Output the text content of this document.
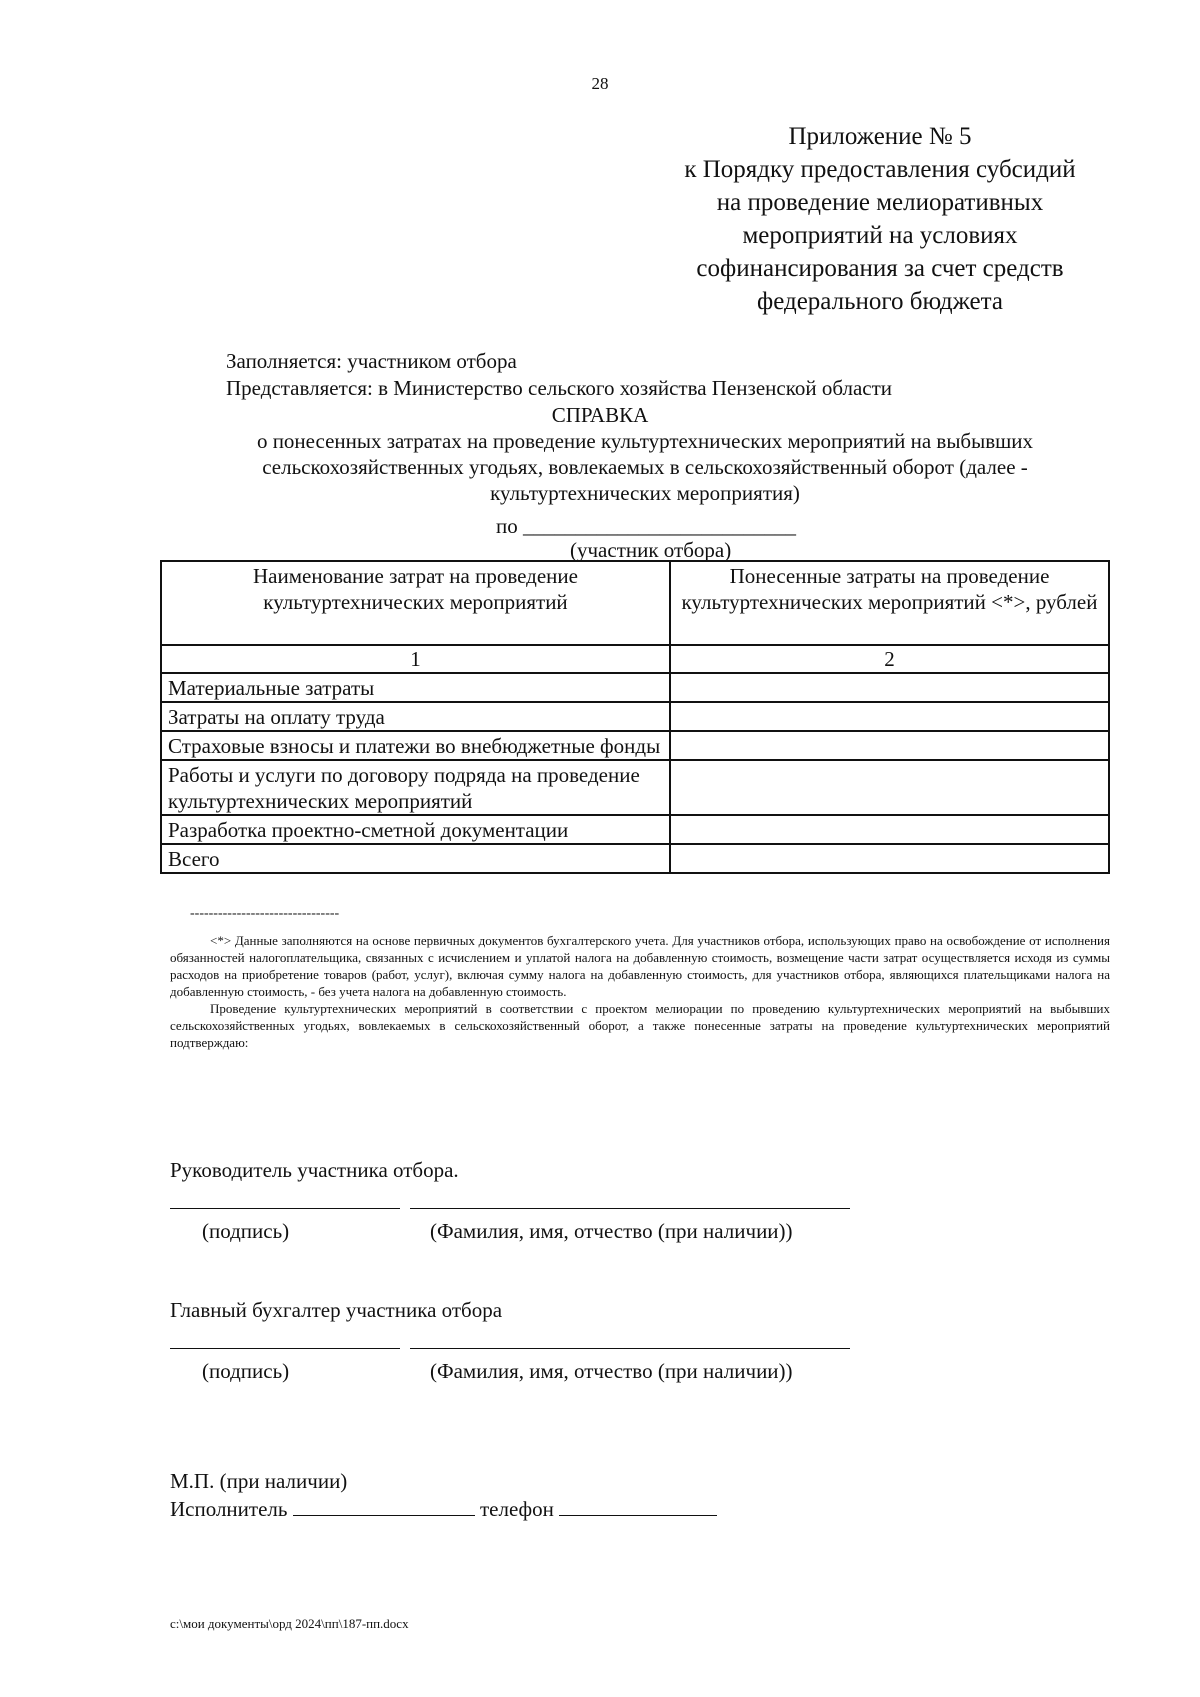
28
Приложение № 5
к Порядку предоставления субсидий
на проведение мелиоративных
мероприятий на условиях
софинансирования за счет средств
федерального бюджета
Заполняется: участником отбора
Представляется: в Министерство сельского хозяйства Пензенской области
СПРАВКА
о понесенных затратах на проведение культуртехнических мероприятий на выбывших сельскохозяйственных угодьях, вовлекаемых в сельскохозяйственный оборот (далее - культуртехнических мероприятия)
по __________________________
(участник отбора)
Наименование затрат на проведение культуртехнических мероприятий	Понесенные затраты на проведение культуртехнических мероприятий <*>, рублей
1	2
Материальные затраты	
Затраты на оплату труда	
Страховые взносы и платежи во внебюджетные фонды	
Работы и услуги по договору подряда на проведение культуртехнических мероприятий	
Разработка проектно-сметной документации	
Всего	
--------------------------------

<*> Данные заполняются на основе первичных документов бухгалтерского учета. Для участников отбора, использующих право на освобождение от исполнения обязанностей налогоплательщика, связанных с исчислением и уплатой налога на добавленную стоимость, возмещение части затрат осуществляется исходя из суммы расходов на приобретение товаров (работ, услуг), включая сумму налога на добавленную стоимость, для участников отбора, являющихся плательщиками налога на добавленную стоимость, - без учета налога на добавленную стоимость.

Проведение культуртехнических мероприятий в соответствии с проектом мелиорации по проведению культуртехнических мероприятий на выбывших сельскохозяйственных угодьях, вовлекаемых в сельскохозяйственный оборот, а также понесенные затраты на проведение культуртехнических мероприятий подтверждаю:

Руководитель участника отбора.

(подпись)	(Фамилия, имя, отчество (при наличии))
Главный бухгалтер участника отбора

(подпись)	(Фамилия, имя, отчество (при наличии))
М.П. (при наличии)
Исполнитель	телефон
c:\мои документы\орд 2024\пп\187-пп.docx
